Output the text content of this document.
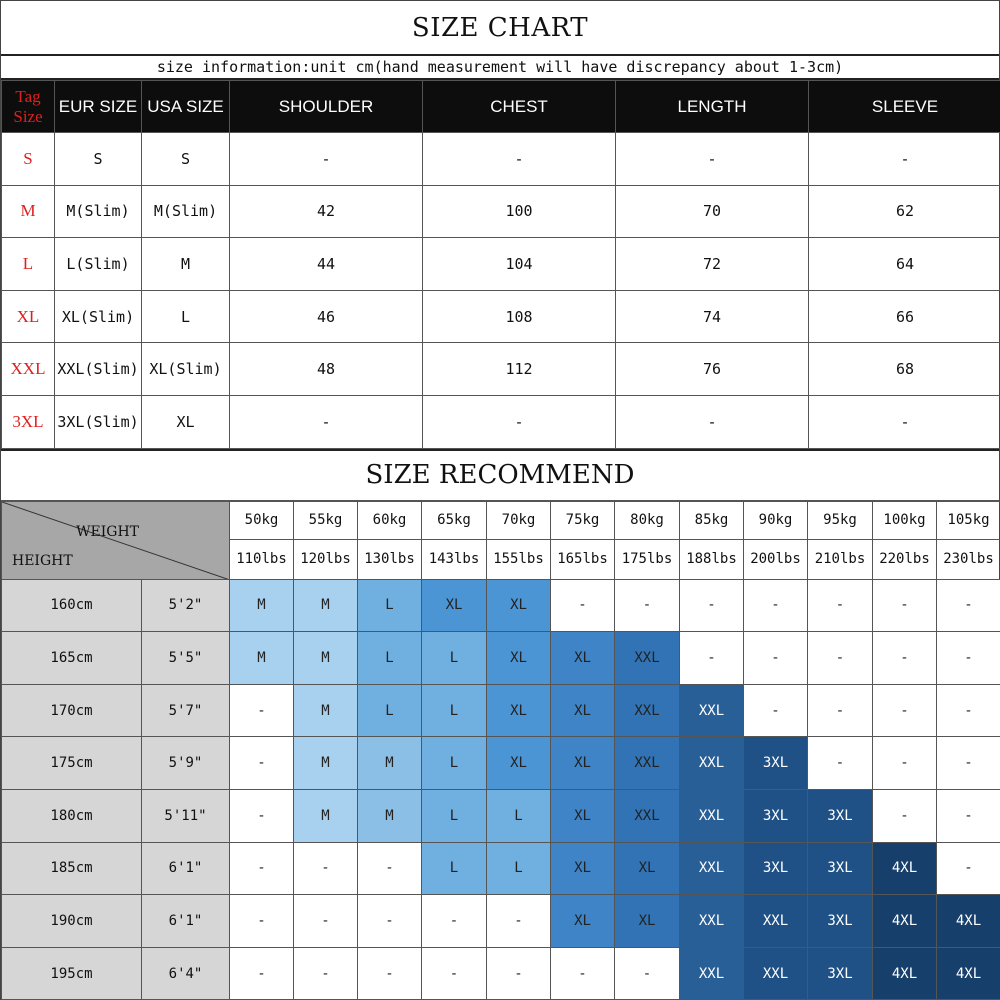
SIZE CHART
size information:unit cm(hand measurement will have discrepancy about 1-3cm)
Tag
Size	EUR SIZE	USA SIZE	SHOULDER	CHEST	LENGTH	SLEEVE
S	S	S	-	-	-	-
M	M(Slim)	M(Slim)	42	100	70	62
L	L(Slim)	M	44	104	72	64
XL	XL(Slim)	L	46	108	74	66
XXL	XXL(Slim)	XL(Slim)	48	112	76	68
3XL	3XL(Slim)	XL	-	-	-	-
SIZE RECOMMEND
WEIGHT
HEIGHT		50kg	55kg	60kg	65kg	70kg	75kg	80kg	85kg	90kg	95kg	100kg	105kg
		110lbs	120lbs	130lbs	143lbs	155lbs	165lbs	175lbs	188lbs	200lbs	210lbs	220lbs	230lbs
160cm	5'2"	M	M	L	XL	XL	-	-	-	-	-	-	-
165cm	5'5"	M	M	L	L	XL	XL	XXL	-	-	-	-	-
170cm	5'7"	-	M	L	L	XL	XL	XXL	XXL	-	-	-	-
175cm	5'9"	-	M	M	L	XL	XL	XXL	XXL	3XL	-	-	-
180cm	5'11"	-	M	M	L	L	XL	XXL	XXL	3XL	3XL	-	-
185cm	6'1"	-	-	-	L	L	XL	XL	XXL	3XL	3XL	4XL	-
190cm	6'1"	-	-	-	-	-	XL	XL	XXL	XXL	3XL	4XL	4XL
195cm	6'4"	-	-	-	-	-	-	-	XXL	XXL	3XL	4XL	4XL
